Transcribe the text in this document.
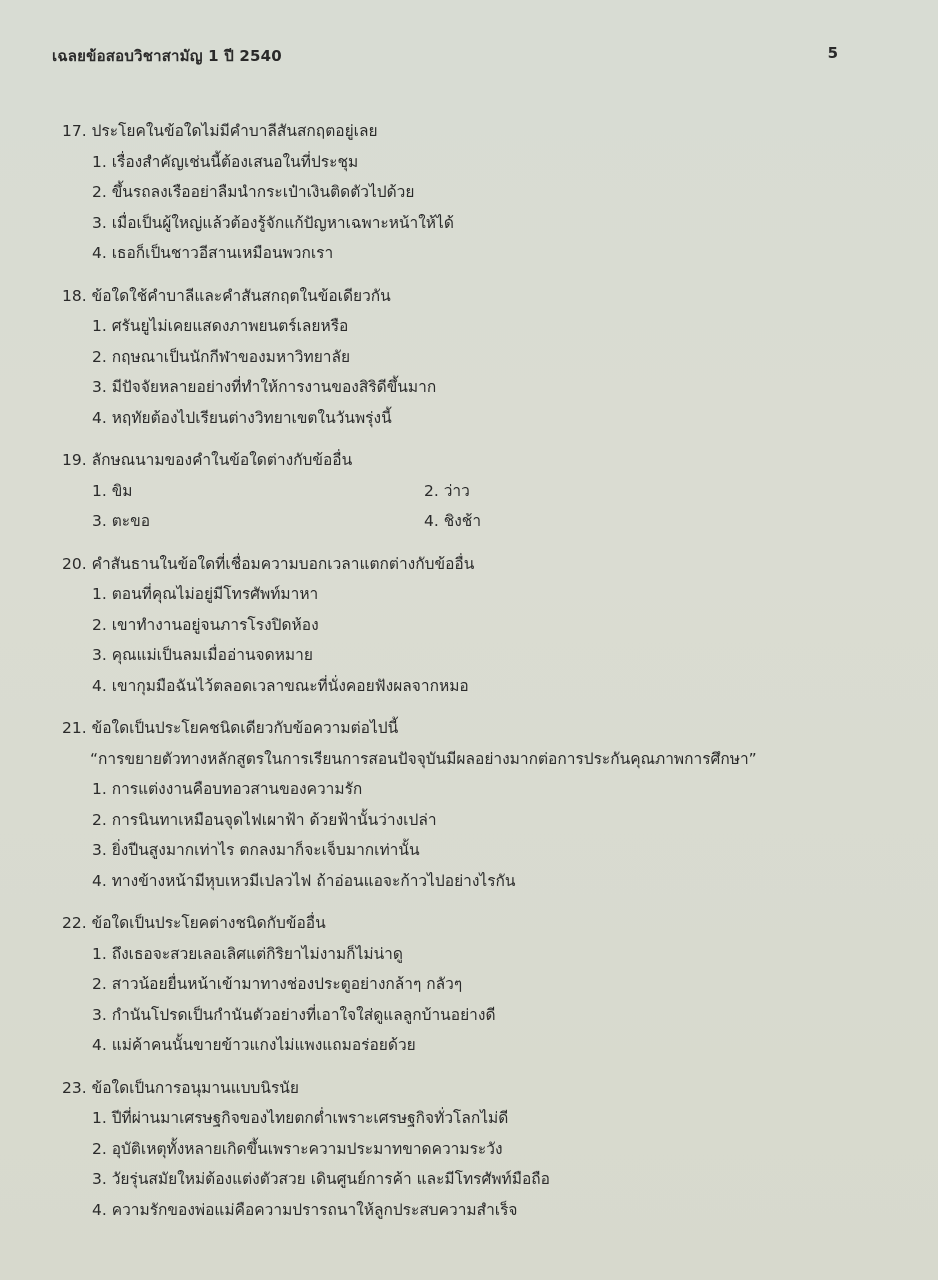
เฉลยข้อสอบวิชาสามัญ 1 ปี 2540	5
17. ประโยคในข้อใดไม่มีคำบาลีสันสกฤตอยู่เลย
1. เรื่องสำคัญเช่นนี้ต้องเสนอในที่ประชุม
2. ขึ้นรถลงเรืออย่าลืมนำกระเป๋าเงินติดตัวไปด้วย
3. เมื่อเป็นผู้ใหญ่แล้วต้องรู้จักแก้ปัญหาเฉพาะหน้าให้ได้
4. เธอก็เป็นชาวอีสานเหมือนพวกเรา
18. ข้อใดใช้คำบาลีและคำสันสกฤตในข้อเดียวกัน
1. ศรันยูไม่เคยแสดงภาพยนตร์เลยหรือ
2. กฤษณาเป็นนักกีฬาของมหาวิทยาลัย
3. มีปัจจัยหลายอย่างที่ทำให้การงานของสิริดีขึ้นมาก
4. หฤทัยต้องไปเรียนต่างวิทยาเขตในวันพรุ่งนี้
19. ลักษณนามของคำในข้อใดต่างกับข้ออื่น
1. ขิม	2. ว่าว
3. ตะขอ	4. ชิงช้า
20. คำสันธานในข้อใดที่เชื่อมความบอกเวลาแตกต่างกับข้ออื่น
1. ตอนที่คุณไม่อยู่มีโทรศัพท์มาหา
2. เขาทำงานอยู่จนภารโรงปิดห้อง
3. คุณแม่เป็นลมเมื่ออ่านจดหมาย
4. เขากุมมือฉันไว้ตลอดเวลาขณะที่นั่งคอยฟังผลจากหมอ
21. ข้อใดเป็นประโยคชนิดเดียวกับข้อความต่อไปนี้
“การขยายตัวทางหลักสูตรในการเรียนการสอนปัจจุบันมีผลอย่างมากต่อการประกันคุณภาพการศึกษา”
1. การแต่งงานคือบทอวสานของความรัก
2. การนินทาเหมือนจุดไฟเผาฟ้า ด้วยฟ้านั้นว่างเปล่า
3. ยิ่งปีนสูงมากเท่าไร ตกลงมาก็จะเจ็บมากเท่านั้น
4. ทางข้างหน้ามีหุบเหวมีเปลวไฟ ถ้าอ่อนแอจะก้าวไปอย่างไรกัน
22. ข้อใดเป็นประโยคต่างชนิดกับข้ออื่น
1. ถึงเธอจะสวยเลอเลิศแต่กิริยาไม่งามก็ไม่น่าดู
2. สาวน้อยยื่นหน้าเข้ามาทางช่องประตูอย่างกล้าๆ กลัวๆ
3. กำนันโปรดเป็นกำนันตัวอย่างที่เอาใจใส่ดูแลลูกบ้านอย่างดี
4. แม่ค้าคนนั้นขายข้าวแกงไม่แพงแถมอร่อยด้วย
23. ข้อใดเป็นการอนุมานแบบนิรนัย
1. ปีที่ผ่านมาเศรษฐกิจของไทยตกต่ำเพราะเศรษฐกิจทั่วโลกไม่ดี
2. อุบัติเหตุทั้งหลายเกิดขึ้นเพราะความประมาทขาดความระวัง
3. วัยรุ่นสมัยใหม่ต้องแต่งตัวสวย เดินศูนย์การค้า และมีโทรศัพท์มือถือ
4. ความรักของพ่อแม่คือความปรารถนาให้ลูกประสบความสำเร็จ
